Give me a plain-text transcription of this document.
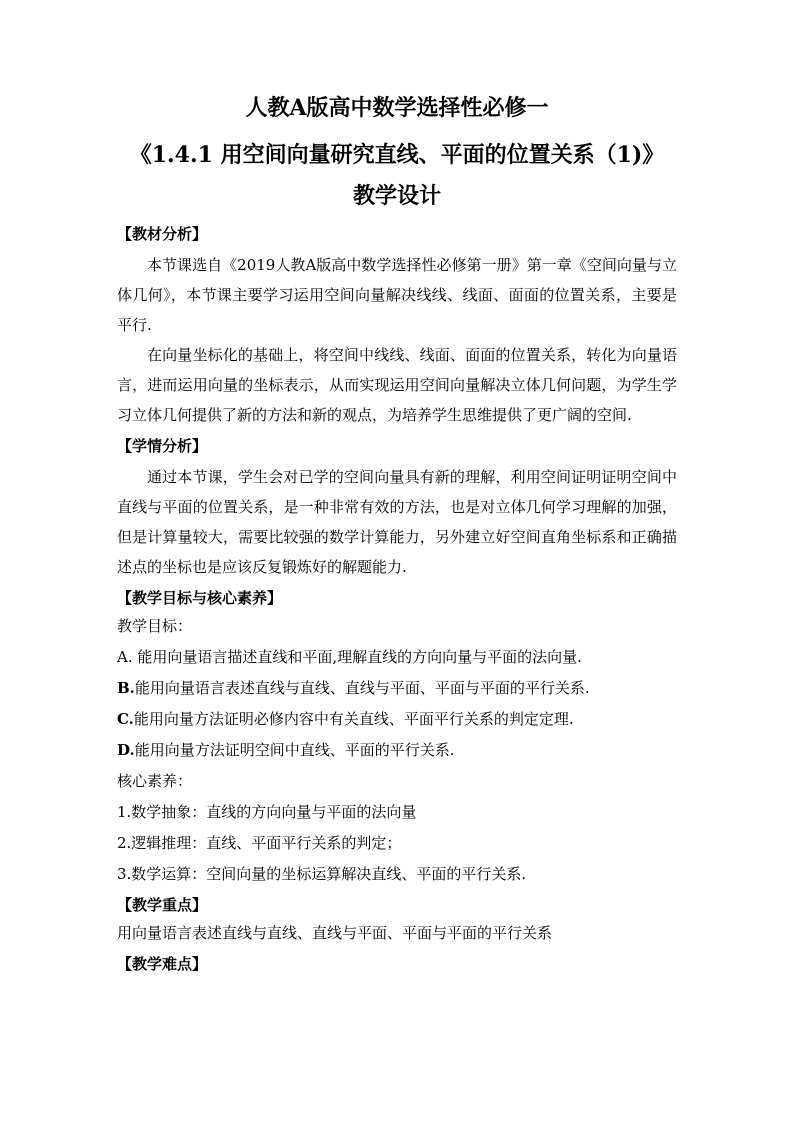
人教A版高中数学选择性必修一
《1.4.1 用空间向量研究直线、平面的位置关系（1)》
教学设计
【教材分析】

本节课选自《2019人教A版高中数学选择性必修第一册》第一章《空间向量与立体几何》，本节课主要学习运用空间向量解决线线、线面、面面的位置关系，主要是平行.

在向量坐标化的基础上，将空间中线线、线面、面面的位置关系，转化为向量语言，进而运用向量的坐标表示，从而实现运用空间向量解决立体几何问题，为学生学习立体几何提供了新的方法和新的观点，为培养学生思维提供了更广阔的空间.

【学情分析】

通过本节课，学生会对已学的空间向量具有新的理解，利用空间证明证明空间中直线与平面的位置关系，是一种非常有效的方法，也是对立体几何学习理解的加强，但是计算量较大，需要比较强的数学计算能力，另外建立好空间直角坐标系和正确描述点的坐标也是应该反复锻炼好的解题能力.

【教学目标与核心素养】
教学目标：
A. 能用向量语言描述直线和平面,理解直线的方向向量与平面的法向量.
B.能用向量语言表述直线与直线、直线与平面、平面与平面的平行关系.
C.能用向量方法证明必修内容中有关直线、平面平行关系的判定定理.
D.能用向量方法证明空间中直线、平面的平行关系.
核心素养：
1.数学抽象：直线的方向向量与平面的法向量
2.逻辑推理：直线、平面平行关系的判定；
3.数学运算：空间向量的坐标运算解决直线、平面的平行关系.
【教学重点】
用向量语言表述直线与直线、直线与平面、平面与平面的平行关系
【教学难点】
